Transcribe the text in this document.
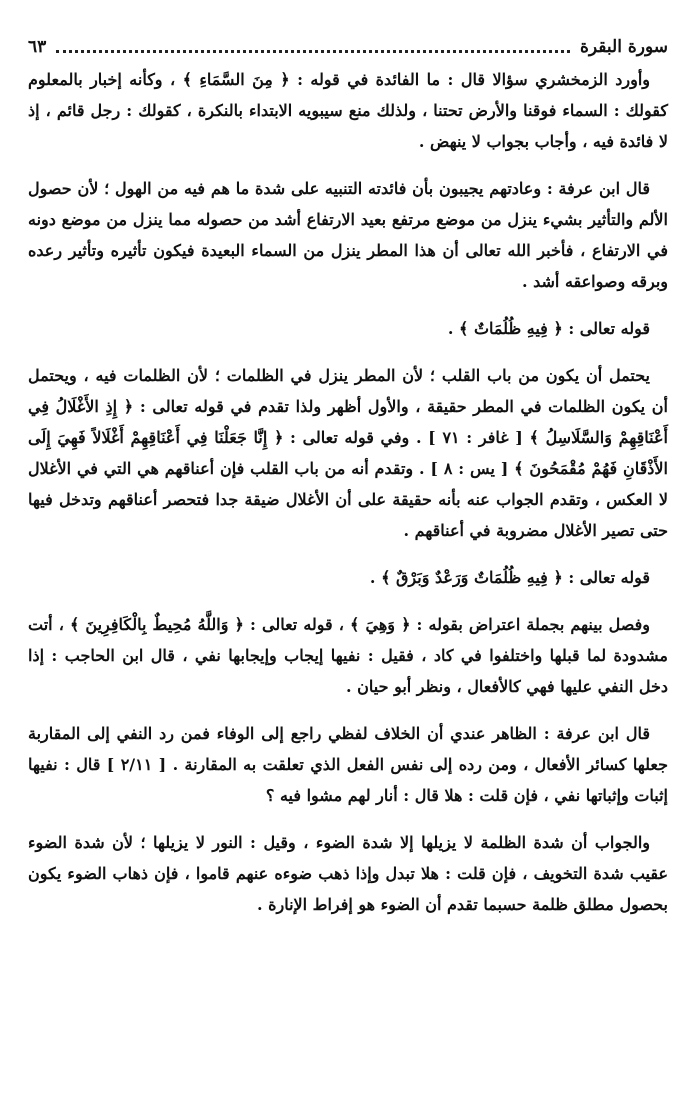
سورة البقرة
٦٣

وأورد الزمخشري سؤالا قال : ما الفائدة في قوله : ﴿ مِنَ السَّمَاءِ ﴾ ، وكأنه إخبار بالمعلوم كقولك : السماء فوقنا والأرض تحتنا ، ولذلك منع سيبويه الابتداء بالنكرة ، كقولك : رجل قائم ، إذ لا فائدة فيه ، وأجاب بجواب لا ينهض .

قال ابن عرفة : وعادتهم يجيبون بأن فائدته التنبيه على شدة ما هم فيه من الهول ؛ لأن حصول الألم والتأثير بشيء ينزل من موضع مرتفع بعيد الارتفاع أشد من حصوله مما ينزل من موضع دونه في الارتفاع ، فأخبر الله تعالى أن هذا المطر ينزل من السماء البعيدة فيكون تأثيره وتأثير رعده وبرقه وصواعقه أشد .

قوله تعالى : ﴿ فِيهِ ظُلُمَاتٌ ﴾ .

يحتمل أن يكون من باب القلب ؛ لأن المطر ينزل في الظلمات ؛ لأن الظلمات فيه ، ويحتمل أن يكون الظلمات في المطر حقيقة ، والأول أظهر ولذا تقدم في قوله تعالى : ﴿ إِذِ الأَغْلَالُ فِي أَعْنَاقِهِمْ وَالسَّلَاسِلُ ﴾ [ غافر : ٧١ ] . وفي قوله تعالى : ﴿ إِنَّا جَعَلْنَا فِي أَعْنَاقِهِمْ أَغْلَالاً فَهِيَ إِلَى الأَذْقَانِ فَهُمْ مُقْمَحُونَ ﴾ [ يس : ٨ ] . وتقدم أنه من باب القلب فإن أعناقهم هي التي في الأغلال لا العكس ، وتقدم الجواب عنه بأنه حقيقة على أن الأغلال ضيقة جدا فتحصر أعناقهم وتدخل فيها حتى تصير الأغلال مضروبة في أعناقهم .

قوله تعالى : ﴿ فِيهِ ظُلُمَاتٌ وَرَعْدٌ وَبَرْقٌ ﴾ .

وفصل بينهم بجملة اعتراض بقوله : ﴿ وَهِيَ ﴾ ، قوله تعالى : ﴿ وَاللَّهُ مُحِيطٌ بِالْكَافِرِينَ ﴾ ، أتت مشدودة لما قبلها واختلفوا في كاد ، فقيل : نفيها إيجاب وإيجابها نفي ، قال ابن الحاجب : إذا دخل النفي عليها فهي كالأفعال ، ونظر أبو حيان .

قال ابن عرفة : الظاهر عندي أن الخلاف لفظي راجع إلى الوفاء فمن رد النفي إلى المقاربة جعلها كسائر الأفعال ، ومن رده إلى نفس الفعل الذي تعلقت به المقارنة . [ ٢/١١ ] قال : نفيها إثبات وإثباتها نفي ، فإن قلت : هلا قال : أنار لهم مشوا فيه ؟

والجواب أن شدة الظلمة لا يزيلها إلا شدة الضوء ، وقيل : النور لا يزيلها ؛ لأن شدة الضوء عقيب شدة التخويف ، فإن قلت : هلا تبدل وإذا ذهب ضوءه عنهم قاموا ، فإن ذهاب الضوء يكون بحصول مطلق ظلمة حسبما تقدم أن الضوء هو إفراط الإنارة .
